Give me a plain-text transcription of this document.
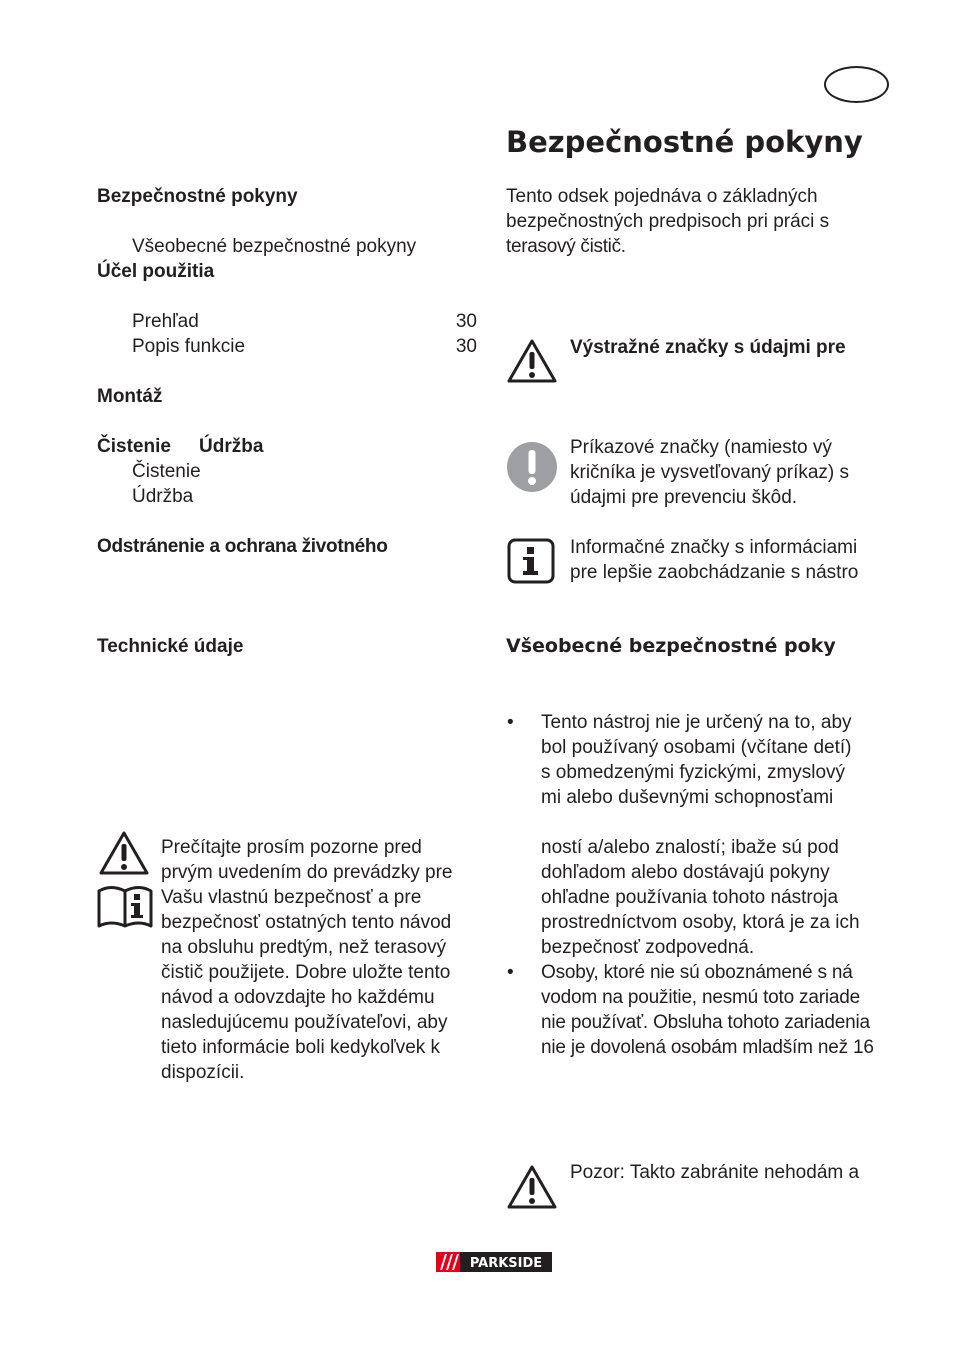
Bezpečnostné pokyny
Všeobecné bezpečnostné pokyny
Účel použitia
Prehľad	30
Popis funkcie	30
Montáž
Čistenie Údržba
Čistenie
Údržba
Odstránenie a ochrana životného
Technické údaje
Prečítajte prosím pozorne pred
prvým uvedením do prevádzky pre
Vašu vlastnú bezpečnosť a pre
bezpečnosť ostatných tento návod
na obsluhu predtým, než terasový
čistič použijete. Dobre uložte tento
návod a odovzdajte ho každému
nasledujúcemu používateľovi, aby
tieto informácie boli kedykoľvek k
dispozícii.
Bezpečnostné pokyny
Tento odsek pojednáva o základných
bezpečnostných predpisoch pri práci s
terasový čistič.
Výstražné značky s údajmi pre
Príkazové značky (namiesto vý
kričníka je vysvetľovaný príkaz) s
údajmi pre prevenciu škôd.
Informačné značky s informáciami
pre lepšie zaobchádzanie s nástro
Všeobecné bezpečnostné poky
• Tento nástroj nie je určený na to, aby
bol používaný osobami (včítane detí)
s obmedzenými fyzickými, zmyslový
mi alebo duševnými schopnosťami
ností a/alebo znalostí; ibaže sú pod
dohľadom alebo dostávajú pokyny
ohľadne používania tohoto nástroja
prostredníctvom osoby, ktorá je za ich
bezpečnosť zodpovedná.
• Osoby, ktoré nie sú oboznámené s ná
vodom na použitie, nesmú toto zariade
nie používať. Obsluha tohoto zariadenia
nie je dovolená osobám mladším než 16
Pozor: Takto zabránite nehodám a
PARKSIDE
